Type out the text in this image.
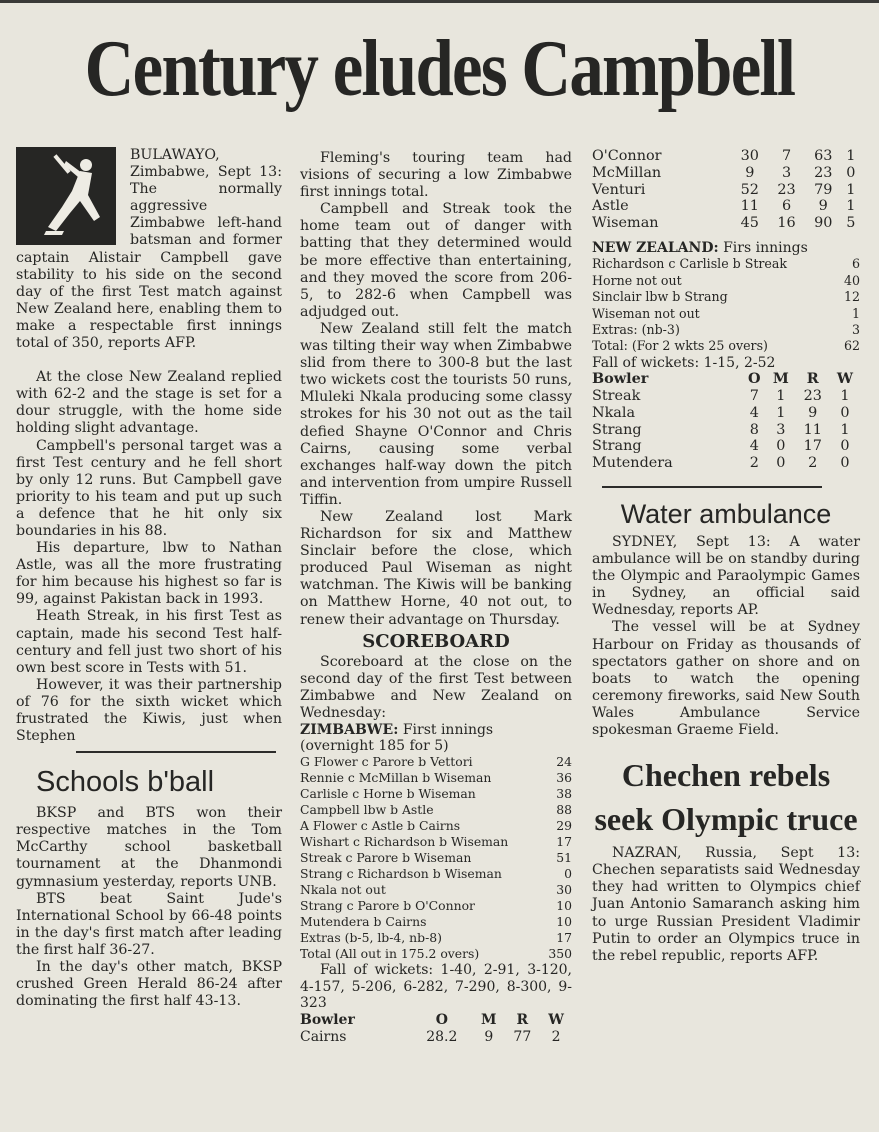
Century eludes Campbell

BULAWAYO, Zimbabwe, Sept 13: The normally aggressive Zimbabwe left-hand batsman and former captain Alistair Campbell gave stability to his side on the second day of the first Test match against New Zealand here, enabling them to make a respectable first innings total of 350, reports AFP.

At the close New Zealand replied with 62-2 and the stage is set for a dour struggle, with the home side holding slight advantage.

Campbell's personal target was a first Test century and he fell short by only 12 runs. But Campbell gave priority to his team and put up such a defence that he hit only six boundaries in his 88.

His departure, lbw to Nathan Astle, was all the more frustrating for him because his highest so far is 99, against Pakistan back in 1993.

Heath Streak, in his first Test as captain, made his second Test half-century and fell just two short of his own best score in Tests with 51.

However, it was their partnership of 76 for the sixth wicket which frustrated the Kiwis, just when Stephen

Schools b'ball

BKSP and BTS won their respective matches in the Tom McCarthy school basketball tournament at the Dhanmondi gymnasium yesterday, reports UNB.

BTS beat Saint Jude's International School by 66-48 points in the day's first match after leading the first half 36-27.

In the day's other match, BKSP crushed Green Herald 86-24 after dominating the first half 43-13.

Fleming's touring team had visions of securing a low Zimbabwe first innings total.

Campbell and Streak took the home team out of danger with batting that they determined would be more effective than entertaining, and they moved the score from 206-5, to 282-6 when Campbell was adjudged out.

New Zealand still felt the match was tilting their way when Zimbabwe slid from there to 300-8 but the last two wickets cost the tourists 50 runs, Mluleki Nkala producing some classy strokes for his 30 not out as the tail defied Shayne O'Connor and Chris Cairns, causing some verbal exchanges half-way down the pitch and intervention from umpire Russell Tiffin.

New Zealand lost Mark Richardson for six and Matthew Sinclair before the close, which produced Paul Wiseman as night watchman. The Kiwis will be banking on Matthew Horne, 40 not out, to renew their advantage on Thursday.

SCOREBOARD

Scoreboard at the close on the second day of the first Test between Zimbabwe and New Zealand on Wednesday:

ZIMBABWE: First innings
(overnight 185 for 5)
G Flower c Parore b Vettori	24
Rennie c McMillan b Wiseman	36
Carlisle c Horne b Wiseman	38
Campbell lbw b Astle	88
A Flower c Astle b Cairns	29
Wishart c Richardson b Wiseman	17
Streak c Parore b Wiseman	51
Strang c Richardson b Wiseman	0
Nkala not out	30
Strang c Parore b O'Connor	10
Mutendera b Cairns	10
Extras (b-5, lb-4, nb-8)	17
Total (All out in 175.2 overs)	350

Fall of wickets: 1-40, 2-91, 3-120, 4-157, 5-206, 6-282, 7-290, 8-300, 9-323

Bowler	O	M	R	W
Cairns	28.2	9	77	2
O'Connor	30	7	63	1
McMillan	9	3	23	0
Venturi	52	23	79	1
Astle	11	6	9	1
Wiseman	45	16	90	5
NEW ZEALAND: Firs innings
Richardson c Carlisle b Streak	6
Horne not out	40
Sinclair lbw b Strang	12
Wiseman not out	1
Extras: (nb-3)	3
Total: (For 2 wkts 25 overs)	62
Fall of wickets: 1-15, 2-52
Bowler	O	M	R	W
Streak	7	1	23	1
Nkala	4	1	9	0
Strang	8	3	11	1
Strang	4	0	17	0
Mutendera	2	0	2	0
Water ambulance

SYDNEY, Sept 13: A water ambulance will be on standby during the Olympic and Paraolympic Games in Sydney, an official said Wednesday, reports AP.

The vessel will be at Sydney Harbour on Friday as thousands of spectators gather on shore and on boats to watch the opening ceremony fireworks, said New South Wales Ambulance Service spokesman Graeme Field.

Chechen rebels seek Olympic truce

NAZRAN, Russia, Sept 13: Chechen separatists said Wednesday they had written to Olympics chief Juan Antonio Samaranch asking him to urge Russian President Vladimir Putin to order an Olympics truce in the rebel republic, reports AFP.
